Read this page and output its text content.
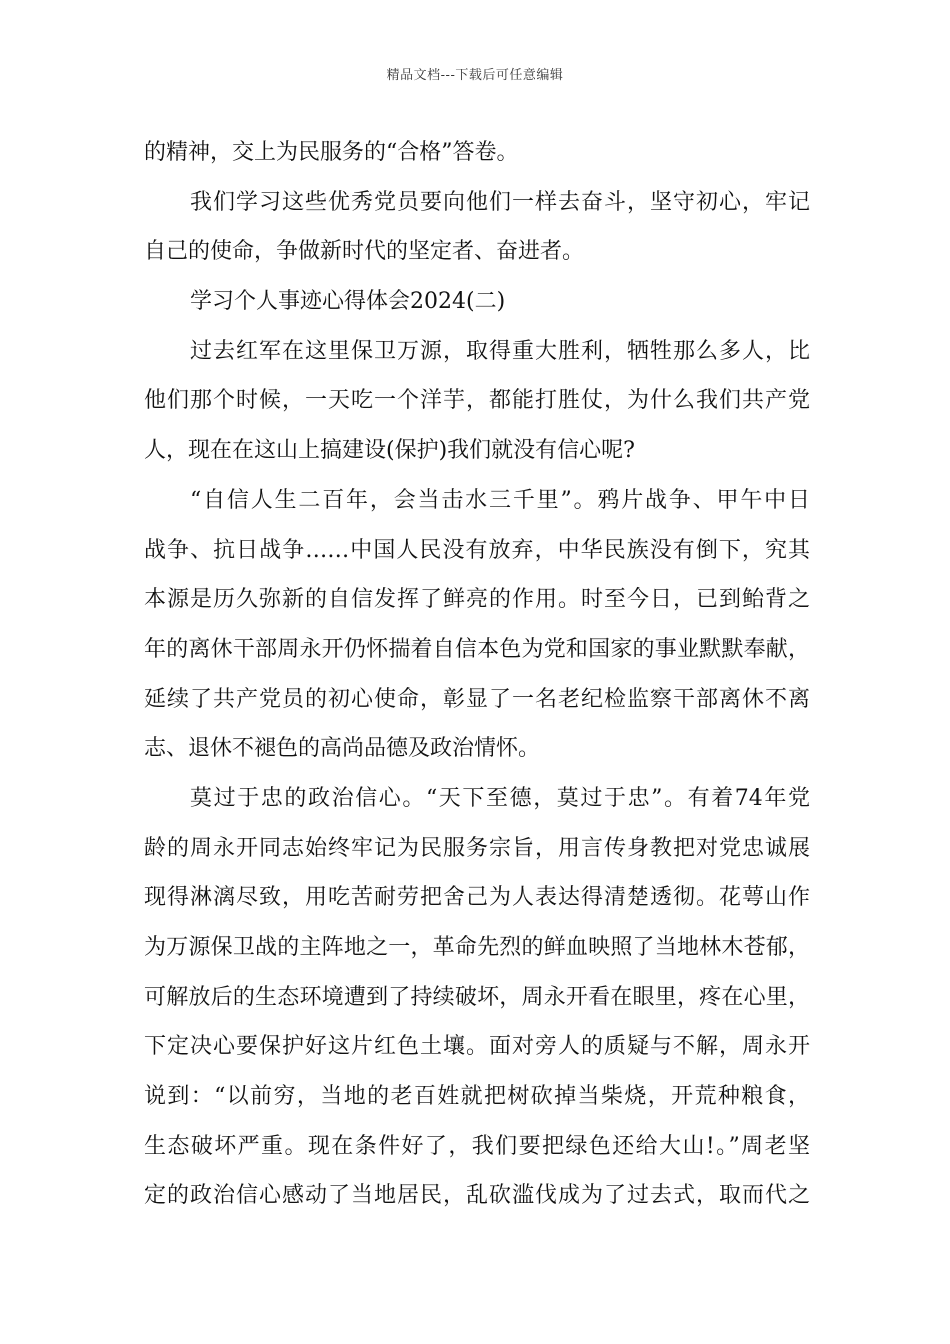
精品文档---下载后可任意编辑
的精神，交上为民服务的“合格”答卷。
我们学习这些优秀党员要向他们一样去奋斗，坚守初心，牢记
自己的使命，争做新时代的坚定者、奋进者。
学习个人事迹心得体会2024(二)
过去红军在这里保卫万源，取得重大胜利，牺牲那么多人，比
他们那个时候，一天吃一个洋芋，都能打胜仗，为什么我们共产党
人，现在在这山上搞建设(保护)我们就没有信心呢?
“自信人生二百年，会当击水三千里”。鸦片战争、甲午中日
战争、抗日战争……中国人民没有放弃，中华民族没有倒下，究其
本源是历久弥新的自信发挥了鲜亮的作用。时至今日，已到鲐背之
年的离休干部周永开仍怀揣着自信本色为党和国家的事业默默奉献，
延续了共产党员的初心使命，彰显了一名老纪检监察干部离休不离
志、退休不褪色的高尚品德及政治情怀。
莫过于忠的政治信心。“天下至德，莫过于忠”。有着74年党
龄的周永开同志始终牢记为民服务宗旨，用言传身教把对党忠诚展
现得淋漓尽致，用吃苦耐劳把舍己为人表达得清楚透彻。花萼山作
为万源保卫战的主阵地之一，革命先烈的鲜血映照了当地林木苍郁，
可解放后的生态环境遭到了持续破坏，周永开看在眼里，疼在心里，
下定决心要保护好这片红色土壤。面对旁人的质疑与不解，周永开
说到：“以前穷，当地的老百姓就把树砍掉当柴烧，开荒种粮食，
生态破坏严重。现在条件好了，我们要把绿色还给大山!。”周老坚
定的政治信心感动了当地居民，乱砍滥伐成为了过去式，取而代之
